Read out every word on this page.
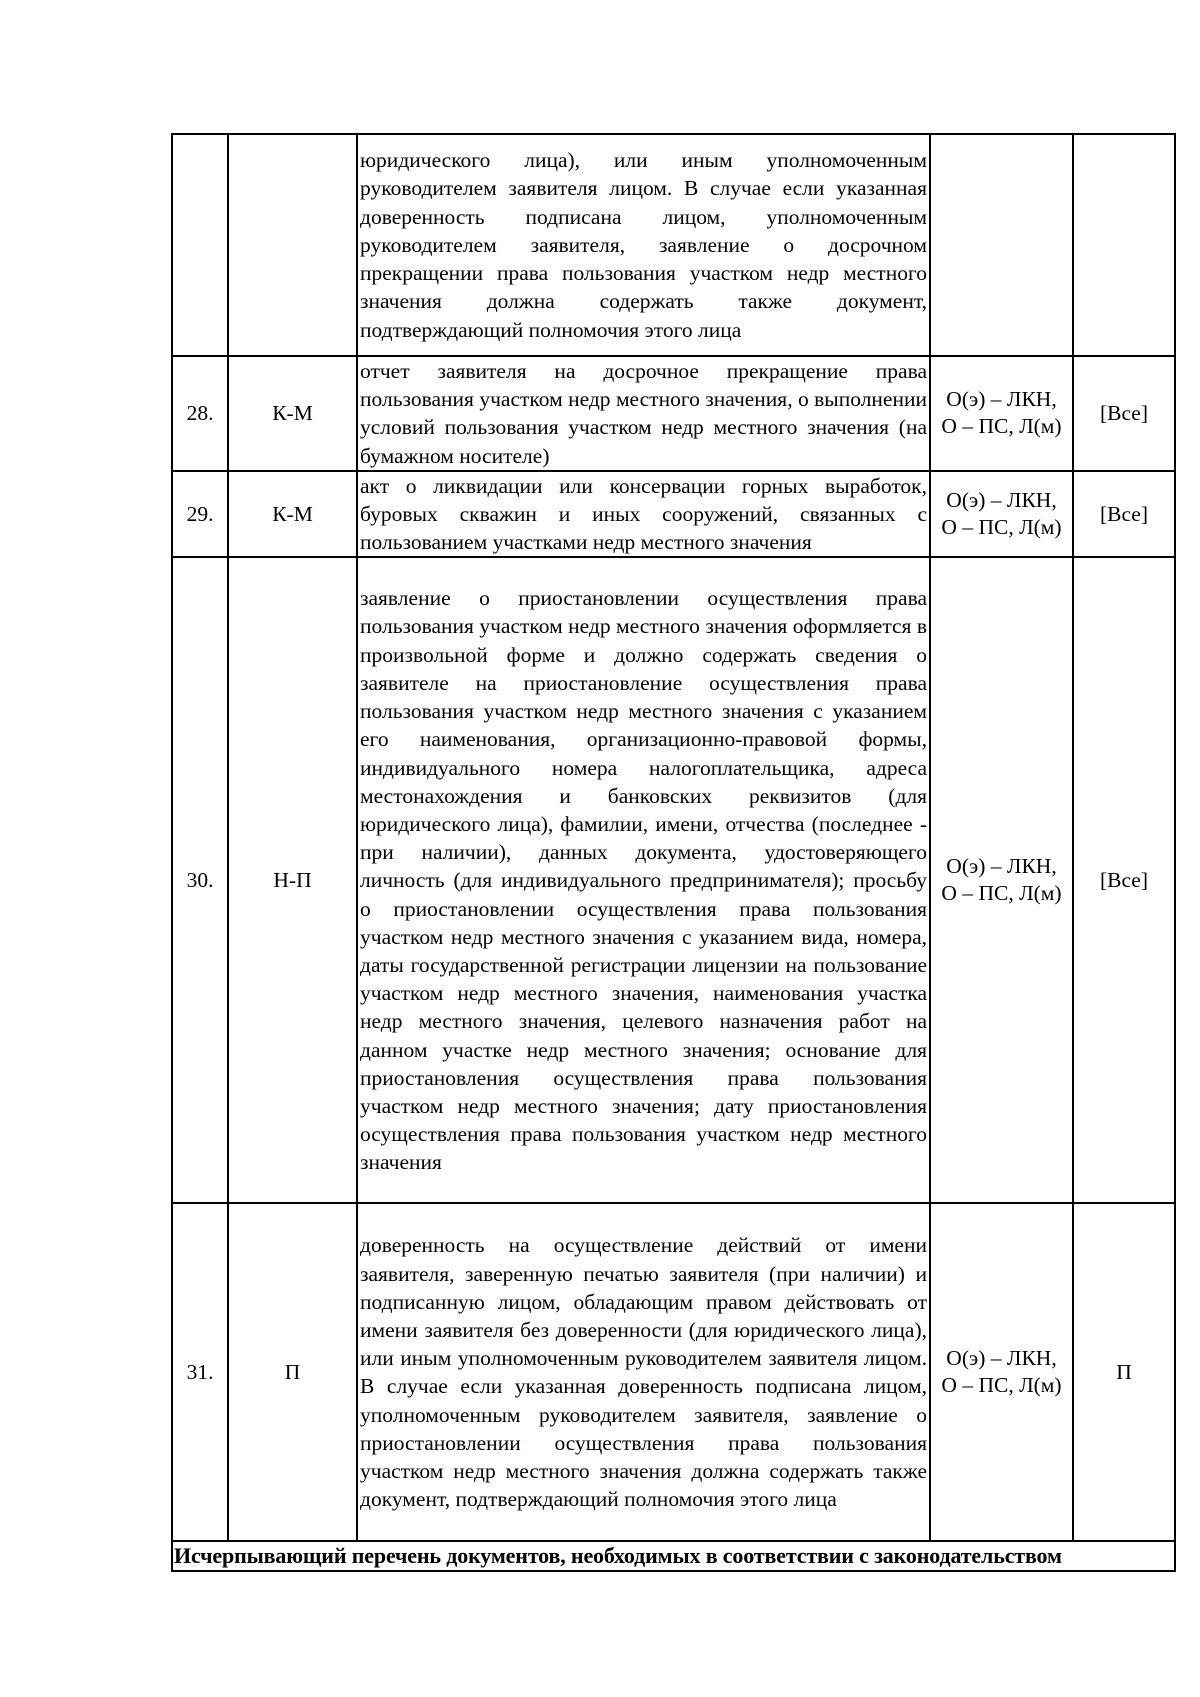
		юридического лица), или иным уполномоченным руководителем заявителя лицом. В случае если указанная доверенность подписана лицом, уполномоченным руководителем заявителя, заявление о досрочном прекращении права пользования участком недр местного значения должна содержать также документ, подтверждающий полномочия этого лица		
28.	К-М	отчет заявителя на досрочное прекращение права пользования участком недр местного значения, о выполнении условий пользования участком недр местного значения (на бумажном носителе)	О(э) – ЛКН,
О – ПС, Л(м)	[Все]
29.	К-М	акт о ликвидации или консервации горных выработок, буровых скважин и иных сооружений, связанных с пользованием участками недр местного значения	О(э) – ЛКН,
О – ПС, Л(м)	[Все]
30.	Н-П	заявление о приостановлении осуществления права пользования участком недр местного значения оформляется в произвольной форме и должно содержать сведения о заявителе на приостановление осуществления права пользования участком недр местного значения с указанием его наименования, организационно-правовой формы, индивидуального номера налогоплательщика, адреса местонахождения и банковских реквизитов (для юридического лица), фамилии, имени, отчества (последнее - при наличии), данных документа, удостоверяющего личность (для индивидуального предпринимателя); просьбу о приостановлении осуществления права пользования участком недр местного значения с указанием вида, номера, даты государственной регистрации лицензии на пользование участком недр местного значения, наименования участка недр местного значения, целевого назначения работ на данном участке недр местного значения; основание для приостановления осуществления права пользования участком недр местного значения; дату приостановления осуществления права пользования участком недр местного значения	О(э) – ЛКН,
О – ПС, Л(м)	[Все]
31.	П	доверенность на осуществление действий от имени заявителя, заверенную печатью заявителя (при наличии) и подписанную лицом, обладающим правом действовать от имени заявителя без доверенности (для юридического лица), или иным уполномоченным руководителем заявителя лицом. В случае если указанная доверенность подписана лицом, уполномоченным руководителем заявителя, заявление о приостановлении осуществления права пользования участком недр местного значения должна содержать также документ, подтверждающий полномочия этого лица	О(э) – ЛКН,
О – ПС, Л(м)	П
Исчерпывающий перечень документов, необходимых в соответствии с законодательством				
